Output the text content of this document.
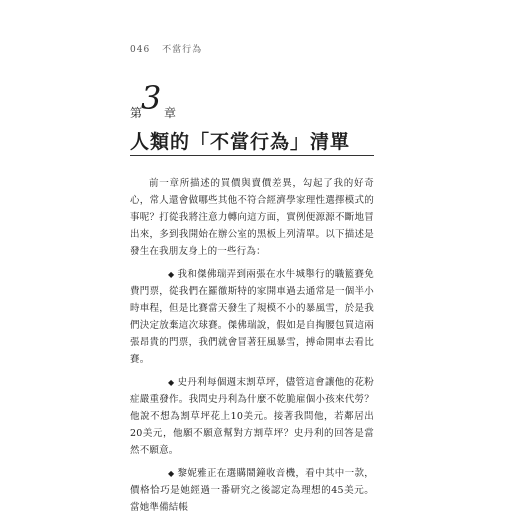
046 不當行為
第
3 章
人類的「不當行為」清單

前一章所描述的買價與賣價差異，勾起了我的好奇心，常人還會做哪些其他不符合經濟學家理性選擇模式的事呢？打從我將注意力轉向這方面，實例便源源不斷地冒出來，多到我開始在辦公室的黑板上列清單。以下描述是發生在我朋友身上的一些行為：

◆ 我和傑佛瑞弄到兩張在水牛城舉行的職籃賽免費門票，從我們在羅徹斯特的家開車過去通常是一個半小時車程，但是比賽當天發生了規模不小的暴風雪，於是我們決定放棄這次球賽。傑佛瑞說，假如是自掏腰包買這兩張昂貴的門票，我們就會冒著狂風暴雪，搏命開車去看比賽。

◆ 史丹利每個週末割草坪，儘管這會讓他的花粉症嚴重發作。我問史丹利為什麼不乾脆雇個小孩來代勞？他說不想為割草坪花上10美元。接著我問他，若鄰居出20美元，他願不願意幫對方割草坪？史丹利的回答是當然不願意。

◆ 黎妮雅正在選購鬧鐘收音機，看中其中一款，價格恰巧是她經過一番研究之後認定為理想的45美元。當她準備結帳
